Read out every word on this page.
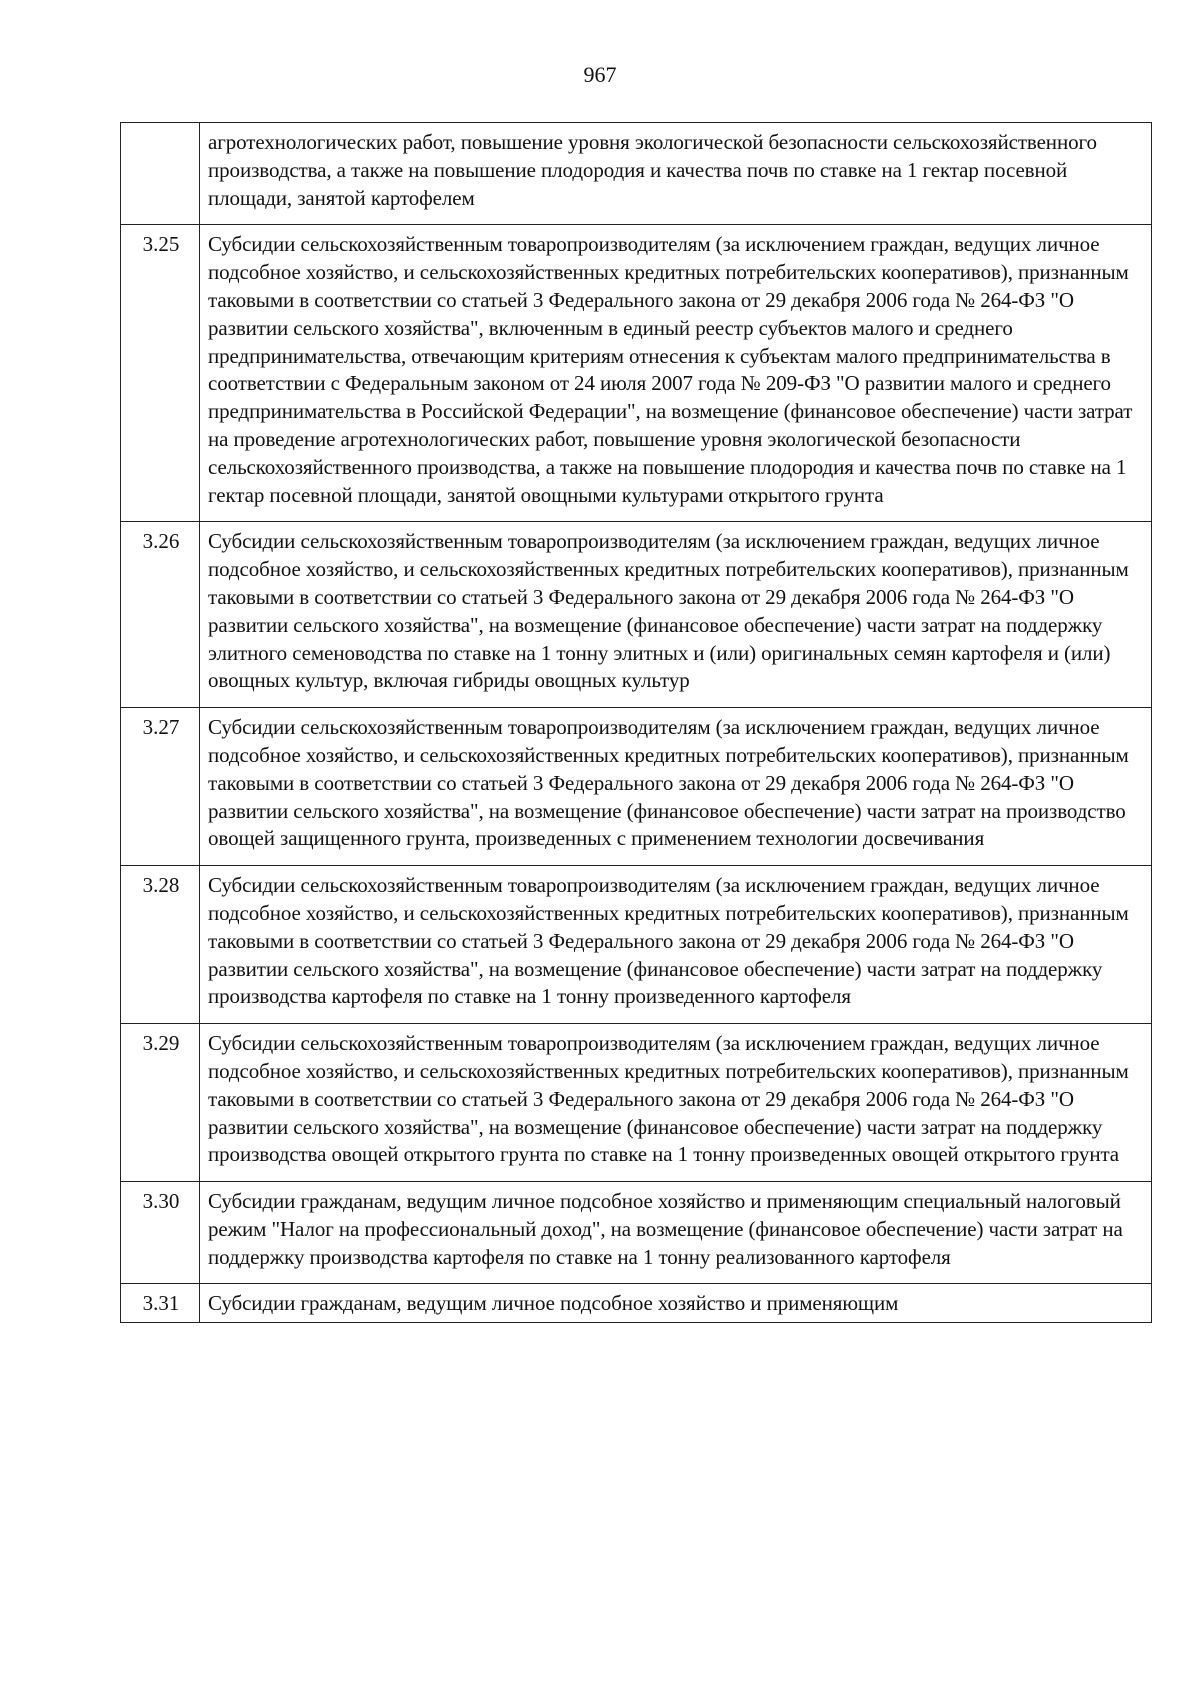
967
	агротехнологических работ, повышение уровня экологической безопасности сельскохозяйственного производства, а также на повышение плодородия и качества почв по ставке на 1 гектар посевной площади, занятой картофелем
3.25	Субсидии сельскохозяйственным товаропроизводителям (за исключением граждан, ведущих личное подсобное хозяйство, и сельскохозяйственных кредитных потребительских кооперативов), признанным таковыми в соответствии со статьей 3 Федерального закона от 29 декабря 2006 года № 264-ФЗ "О развитии сельского хозяйства", включенным в единый реестр субъектов малого и среднего предпринимательства, отвечающим критериям отнесения к субъектам малого предпринимательства в соответствии с Федеральным законом от 24 июля 2007 года № 209-ФЗ "О развитии малого и среднего предпринимательства в Российской Федерации", на возмещение (финансовое обеспечение) части затрат на проведение агротехнологических работ, повышение уровня экологической безопасности сельскохозяйственного производства, а также на повышение плодородия и качества почв по ставке на 1 гектар посевной площади, занятой овощными культурами открытого грунта
3.26	Субсидии сельскохозяйственным товаропроизводителям (за исключением граждан, ведущих личное подсобное хозяйство, и сельскохозяйственных кредитных потребительских кооперативов), признанным таковыми в соответствии со статьей 3 Федерального закона от 29 декабря 2006 года № 264-ФЗ "О развитии сельского хозяйства", на возмещение (финансовое обеспечение) части затрат на поддержку элитного семеноводства по ставке на 1 тонну элитных и (или) оригинальных семян картофеля и (или) овощных культур, включая гибриды овощных культур
3.27	Субсидии сельскохозяйственным товаропроизводителям (за исключением граждан, ведущих личное подсобное хозяйство, и сельскохозяйственных кредитных потребительских кооперативов), признанным таковыми в соответствии со статьей 3 Федерального закона от 29 декабря 2006 года № 264-ФЗ "О развитии сельского хозяйства", на возмещение (финансовое обеспечение) части затрат на производство овощей защищенного грунта, произведенных с применением технологии досвечивания
3.28	Субсидии сельскохозяйственным товаропроизводителям (за исключением граждан, ведущих личное подсобное хозяйство, и сельскохозяйственных кредитных потребительских кооперативов), признанным таковыми в соответствии со статьей 3 Федерального закона от 29 декабря 2006 года № 264-ФЗ "О развитии сельского хозяйства", на возмещение (финансовое обеспечение) части затрат на поддержку производства картофеля по ставке на 1 тонну произведенного картофеля
3.29	Субсидии сельскохозяйственным товаропроизводителям (за исключением граждан, ведущих личное подсобное хозяйство, и сельскохозяйственных кредитных потребительских кооперативов), признанным таковыми в соответствии со статьей 3 Федерального закона от 29 декабря 2006 года № 264-ФЗ "О развитии сельского хозяйства", на возмещение (финансовое обеспечение) части затрат на поддержку производства овощей открытого грунта по ставке на 1 тонну произведенных овощей открытого грунта
3.30	Субсидии гражданам, ведущим личное подсобное хозяйство и применяющим специальный налоговый режим "Налог на профессиональный доход", на возмещение (финансовое обеспечение) части затрат на поддержку производства картофеля по ставке на 1 тонну реализованного картофеля
3.31	Субсидии гражданам, ведущим личное подсобное хозяйство и применяющим
